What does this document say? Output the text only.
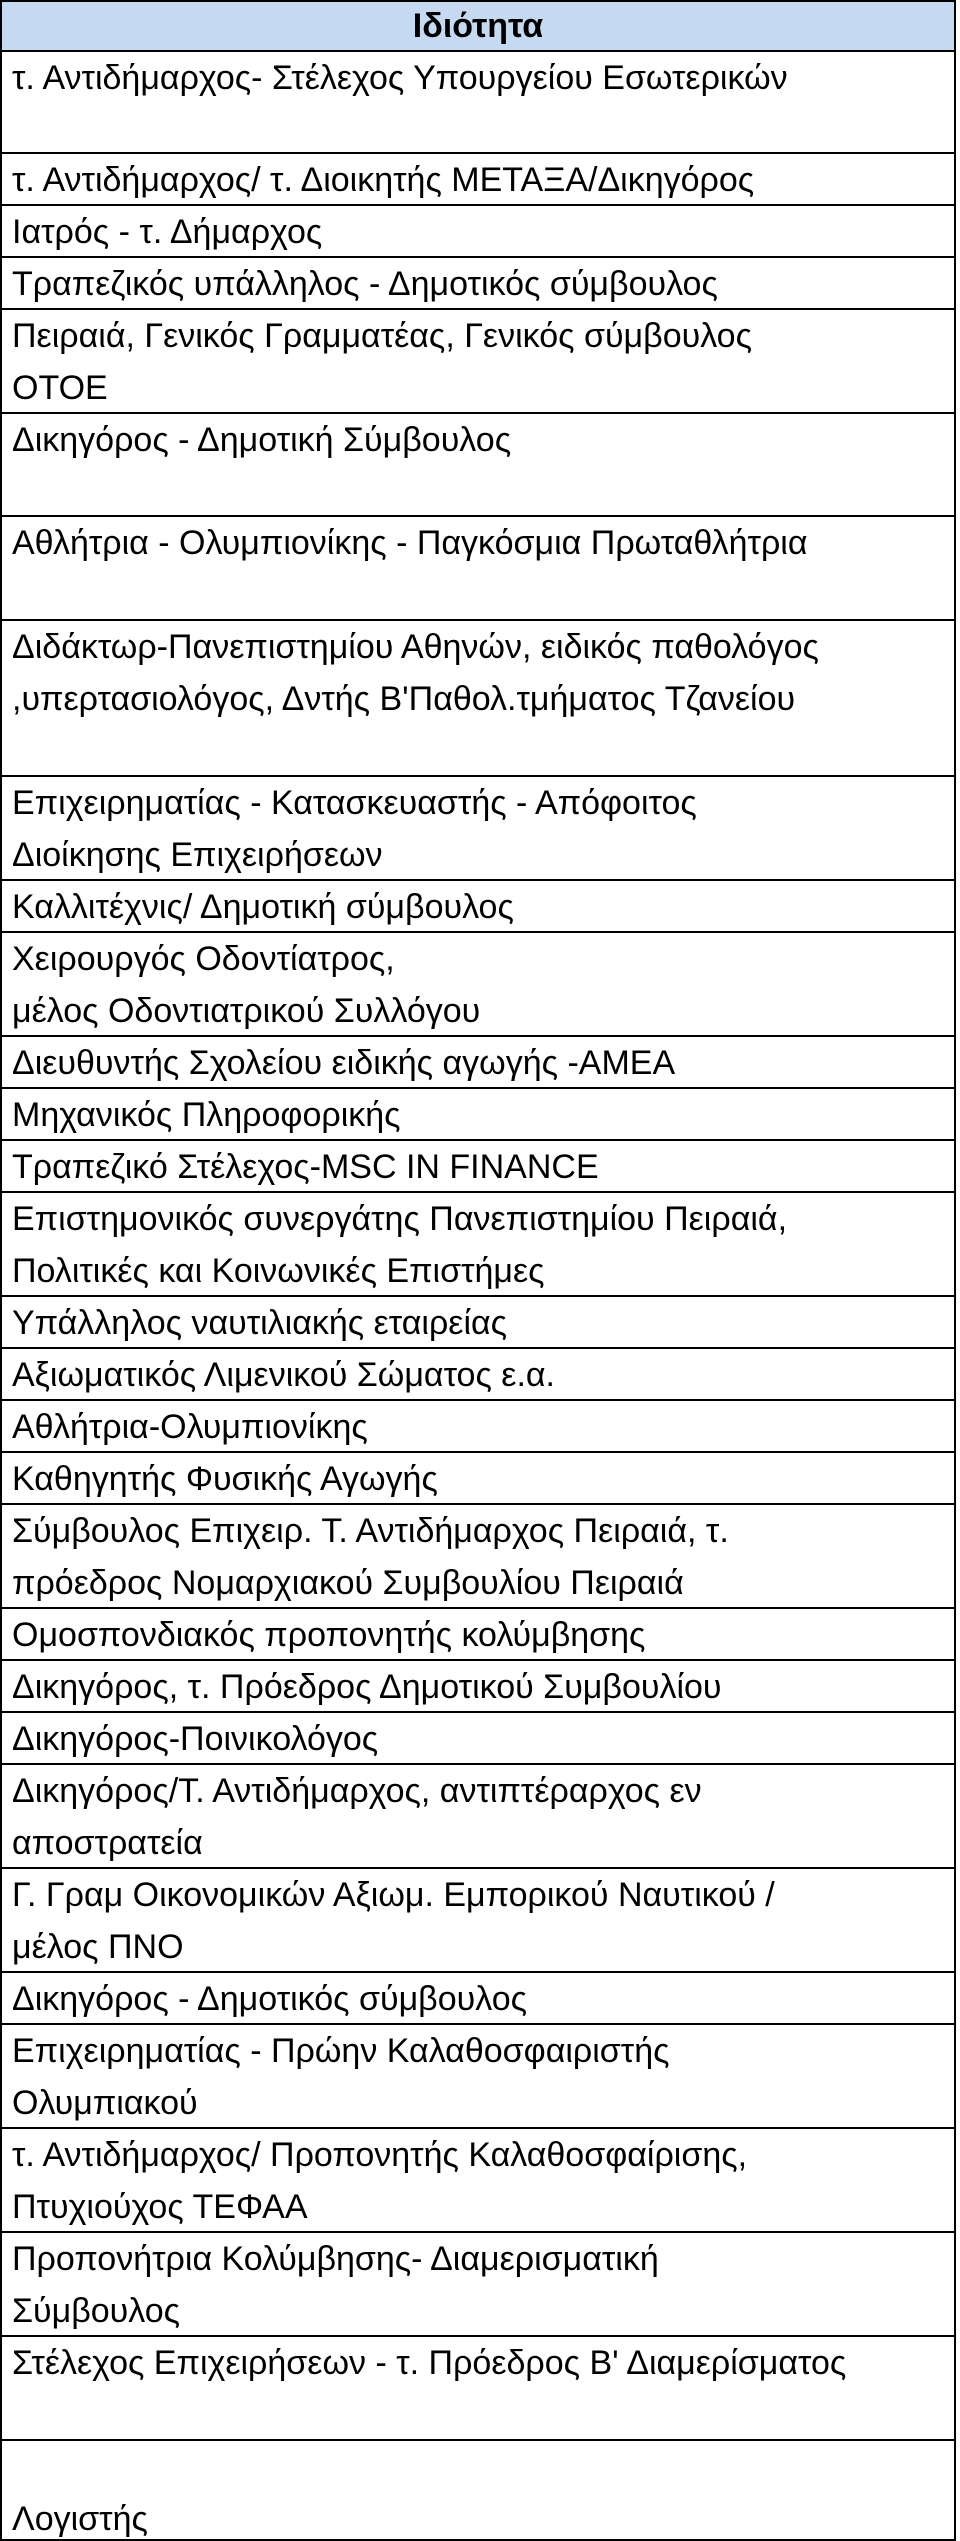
Ιδιότητα
τ. Αντιδήμαρχος- Στέλεχος Υπουργείου Εσωτερικών
τ. Αντιδήμαρχος/ τ. Διοικητής ΜΕΤΑΞΑ/Δικηγόρος
Ιατρός - τ. Δήμαρχος
Τραπεζικός υπάλληλος - Δημοτικός σύμβουλος
Πειραιά, Γενικός Γραμματέας, Γενικός σύμβουλος
ΟΤΟΕ
Δικηγόρος - Δημοτική Σύμβουλος
Αθλήτρια - Ολυμπιονίκης - Παγκόσμια Πρωταθλήτρια
Διδάκτωρ-Πανεπιστημίου Αθηνών, ειδικός παθολόγος
,υπερτασιολόγος, Δντής Β'Παθολ.τμήματος Τζανείου
Επιχειρηματίας - Κατασκευαστής - Απόφοιτος
Διοίκησης Επιχειρήσεων
Καλλιτέχνις/ Δημοτική σύμβουλος
Χειρουργός Οδοντίατρος,
μέλος Οδοντιατρικού Συλλόγου
Διευθυντής Σχολείου ειδικής αγωγής -ΑΜΕΑ
Μηχανικός Πληροφορικής
Τραπεζικό Στέλεχος-MSC IN FINANCE
Επιστημονικός συνεργάτης Πανεπιστημίου Πειραιά,
Πολιτικές και Κοινωνικές Επιστήμες
Υπάλληλος ναυτιλιακής εταιρείας
Αξιωματικός Λιμενικού Σώματος ε.α.
Αθλήτρια-Ολυμπιονίκης
Καθηγητής Φυσικής Αγωγής
Σύμβουλος Επιχειρ. Τ. Αντιδήμαρχος Πειραιά, τ.
πρόεδρος Νομαρχιακού Συμβουλίου Πειραιά
Ομοσπονδιακός προπονητής κολύμβησης
Δικηγόρος, τ. Πρόεδρος Δημοτικού Συμβουλίου
Δικηγόρος-Ποινικολόγος
Δικηγόρος/Τ. Αντιδήμαρχος, αντιπτέραρχος εν
αποστρατεία
Γ. Γραμ Οικονομικών Αξιωμ. Εμπορικού Ναυτικού /
μέλος ΠΝΟ
Δικηγόρος - Δημοτικός σύμβουλος
Επιχειρηματίας - Πρώην Καλαθοσφαιριστής
Ολυμπιακού
τ. Αντιδήμαρχος/ Προπονητής Καλαθοσφαίρισης,
Πτυχιούχος ΤΕΦΑΑ
Προπονήτρια Κολύμβησης- Διαμερισματική
Σύμβουλος
Στέλεχος Επιχειρήσεων - τ. Πρόεδρος Β' Διαμερίσματος
Λογιστής
